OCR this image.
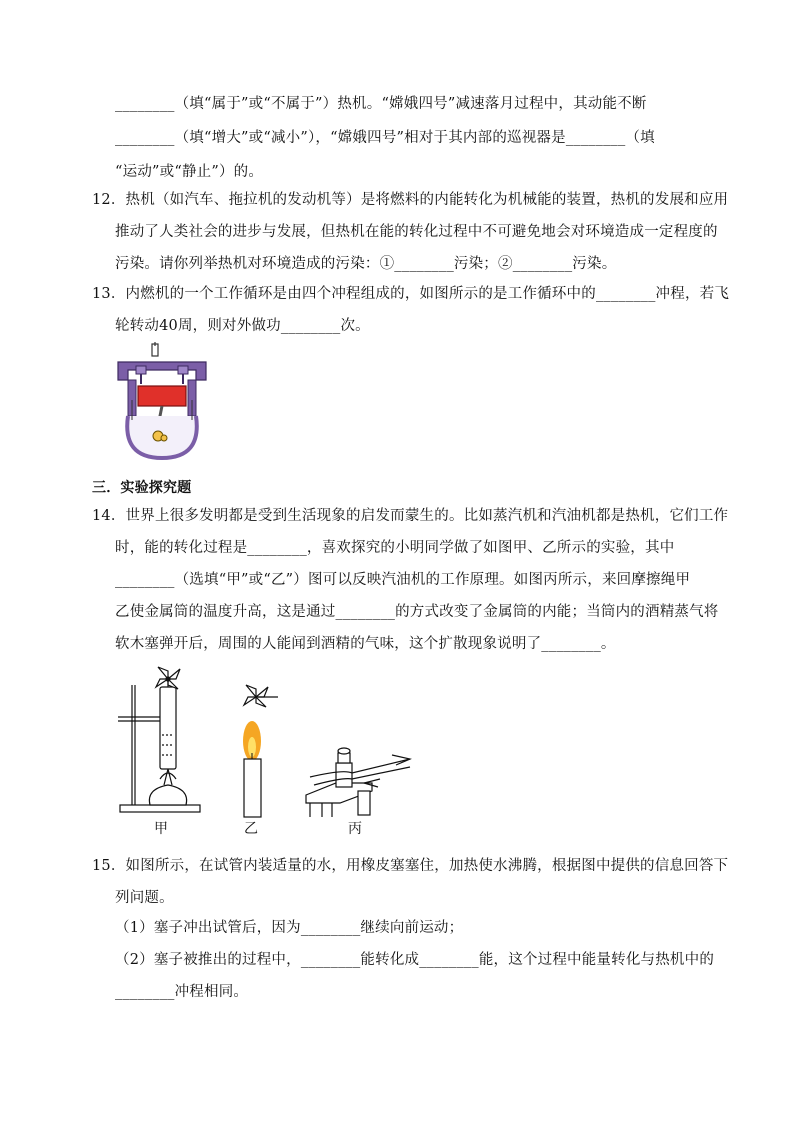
________（填“属于”或“不属于”）热机。“嫦娥四号”减速落月过程中，其动能不断
________（填“增大”或“减小”），“嫦娥四号”相对于其内部的巡视器是________（填
“运动”或“静止”）的。
12．热机（如汽车、拖拉机的发动机等）是将燃料的内能转化为机械能的装置，热机的发展和应用
推动了人类社会的进步与发展，但热机在能的转化过程中不可避免地会对环境造成一定程度的
污染。请你列举热机对环境造成的污染：①________污染；②________污染。
13．内燃机的一个工作循环是由四个冲程组成的，如图所示的是工作循环中的________冲程，若飞
轮转动40周，则对外做功________次。
三．实验探究题
14．世界上很多发明都是受到生活现象的启发而蒙生的。比如蒸汽机和汽油机都是热机，它们工作
时，能的转化过程是________，喜欢探究的小明同学做了如图甲、乙所示的实验，其中
________（选填“甲”或“乙”）图可以反映汽油机的工作原理。如图丙所示，来回摩擦绳甲
乙使金属筒的温度升高，这是通过________的方式改变了金属筒的内能；当筒内的酒精蒸气将
软木塞弹开后，周围的人能闻到酒精的气味，这个扩散现象说明了________。
15．如图所示，在试管内装适量的水，用橡皮塞塞住，加热使水沸腾，根据图中提供的信息回答下
列问题。
（1）塞子冲出试管后，因为________继续向前运动；
（2）塞子被推出的过程中，________能转化成________能，这个过程中能量转化与热机中的
________冲程相同。
甲	乙	丙
